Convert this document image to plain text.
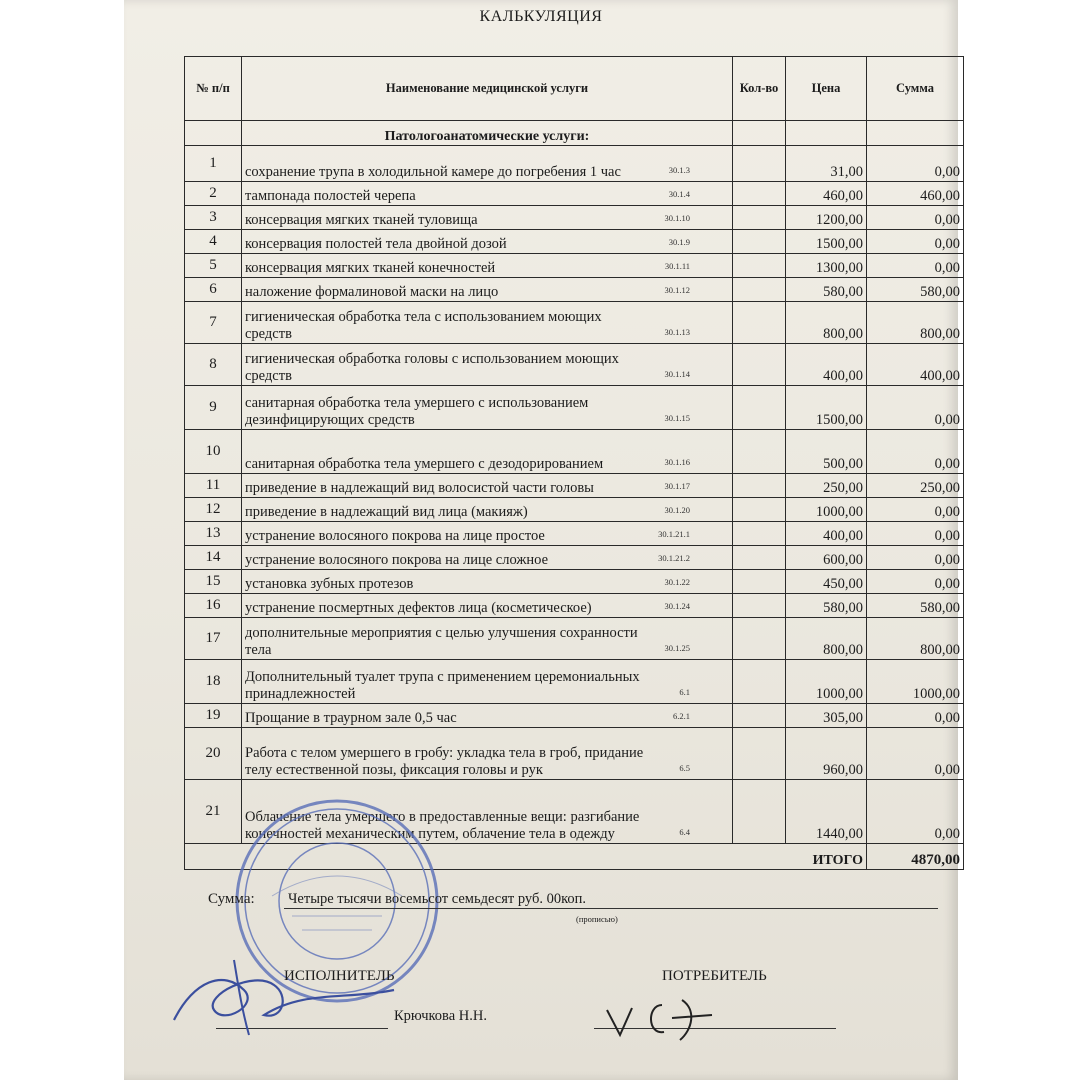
КАЛЬКУЛЯЦИЯ
№ п/п	Наименование медицинской услуги	Кол-во	Цена	Сумма
	Патологоанатомические услуги:			
1	сохранение трупа в холодильной камере до погребения 1 час 30.1.3		31,00	0,00
2	тампонада полостей черепа 30.1.4		460,00	460,00
3	консервация мягких тканей туловища 30.1.10		1200,00	0,00
4	консервация полостей тела двойной дозой 30.1.9		1500,00	0,00
5	консервация мягких тканей конечностей 30.1.11		1300,00	0,00
6	наложение формалиновой маски на лицо 30.1.12		580,00	580,00
7	гигиеническая обработка тела с использованием моющих средств 30.1.13		800,00	800,00
8	гигиеническая обработка головы с использованием моющих средств 30.1.14		400,00	400,00
9	санитарная обработка тела умершего с использованием дезинфицирующих средств 30.1.15		1500,00	0,00
10	санитарная обработка тела умершего с дезодорированием 30.1.16		500,00	0,00
11	приведение в надлежащий вид волосистой части головы 30.1.17		250,00	250,00
12	приведение в надлежащий вид лица (макияж) 30.1.20		1000,00	0,00
13	устранение волосяного покрова на лице простое 30.1.21.1		400,00	0,00
14	устранение волосяного покрова на лице сложное 30.1.21.2		600,00	0,00
15	установка зубных протезов 30.1.22		450,00	0,00
16	устранение посмертных дефектов лица (косметическое) 30.1.24		580,00	580,00
17	дополнительные мероприятия с целью улучшения сохранности тела 30.1.25		800,00	800,00
18	Дополнительный туалет трупа с применением церемониальных принадлежностей 6.1		1000,00	1000,00
19	Прощание в траурном зале 0,5 час 6.2.1		305,00	0,00
20	Работа с телом умершего в гробу: укладка тела в гроб, придание телу естественной позы, фиксация головы и рук 6.5		960,00	0,00
21	Облачение тела умершего в предоставленные вещи: разгибание конечностей механическим путем, облачение тела в одежду 6.4		1440,00	0,00
ИТОГО				4870,00
Сумма: Четыре тысячи восемьсот семьдесят руб. 00коп.
(прописью)
ИСПОЛНИТЕЛЬ	ПОТРЕБИТЕЛЬ
Крючкова Н.Н.
